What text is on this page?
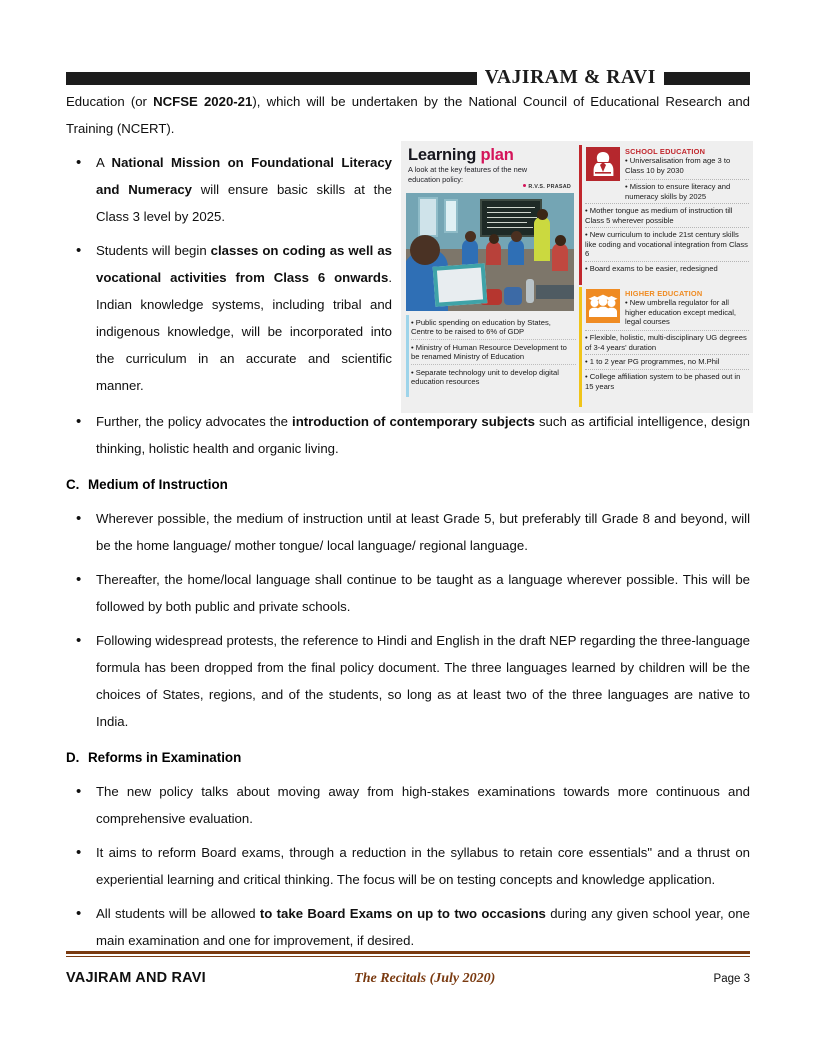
VAJIRAM & RAVI

Education (or NCFSE 2020-21), which will be undertaken by the National Council of Educational Research and Training (NCERT).

•	A National Mission on Foundational Literacy and Numeracy will ensure basic skills at the Class 3 level by 2025.
•	Students will begin classes on coding as well as vocational activities from Class 6 onwards. Indian knowledge systems, including tribal and indigenous knowledge, will be incorporated into the curriculum in an accurate and scientific manner.
•	Further, the policy advocates the introduction of contemporary subjects such as artificial intelligence, design thinking, holistic health and organic living.
C. Medium of Instruction
•	Wherever possible, the medium of instruction until at least Grade 5, but preferably till Grade 8 and beyond, will be the home language/ mother tongue/ local language/ regional language.
•	Thereafter, the home/local language shall continue to be taught as a language wherever possible. This will be followed by both public and private schools.
•	Following widespread protests, the reference to Hindi and English in the draft NEP regarding the three-language formula has been dropped from the final policy document. The three languages learned by children will be the choices of States, regions, and of the students, so long as at least two of the three languages are native to India.
D. Reforms in Examination
•	The new policy talks about moving away from high-stakes examinations towards more continuous and comprehensive evaluation.
•	It aims to reform Board exams, through a reduction in the syllabus to retain core essentials" and a thrust on experiential learning and critical thinking. The focus will be on testing concepts and knowledge application.
•	All students will be allowed to take Board Exams on up to two occasions during any given school year, one main examination and one for improvement, if desired.
Learning plan
A look at the key features of the new education policy:
R.V.S. PRASAD
• Public spending on education by States, Centre to be raised to 6% of GDP
• Ministry of Human Resource Development to be renamed Ministry of Education
• Separate technology unit to develop digital education resources
SCHOOL EDUCATION
• Universalisation from age 3 to Class 10 by 2030
• Mission to ensure literacy and numeracy skills by 2025
• Mother tongue as medium of instruction till Class 5 wherever possible
• New curriculum to include 21st century skills like coding and vocational integration from Class 6
• Board exams to be easier, redesigned
HIGHER EDUCATION
• New umbrella regulator for all higher education except medical, legal courses
• Flexible, holistic, multi-disciplinary UG degrees of 3-4 years' duration
• 1 to 2 year PG programmes, no M.Phil
• College affiliation system to be phased out in 15 years
VAJIRAM AND RAVI	The Recitals (July 2020)	Page 3
